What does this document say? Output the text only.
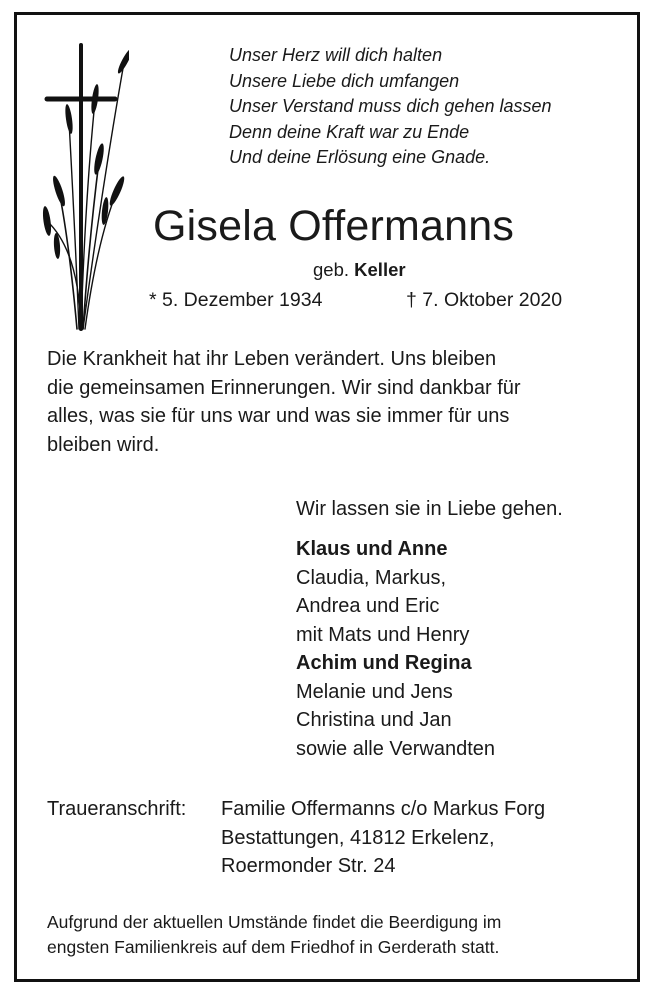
Unser Herz will dich halten
Unsere Liebe dich umfangen
Unser Verstand muss dich gehen lassen
Denn deine Kraft war zu Ende
Und deine Erlösung eine Gnade.
Gisela Offermanns
geb. Keller
* 5. Dezember 1934	† 7. Oktober 2020
Die Krankheit hat ihr Leben verändert. Uns bleiben
die gemeinsamen Erinnerungen. Wir sind dankbar für
alles, was sie für uns war und was sie immer für uns
bleiben wird.
Wir lassen sie in Liebe gehen.
Klaus und Anne
Claudia, Markus,
Andrea und Eric
mit Mats und Henry
Achim und Regina
Melanie und Jens
Christina und Jan
sowie alle Verwandten
Traueranschrift: Familie Offermanns c/o Markus Forg
Bestattungen, 41812 Erkelenz,
Roermonder Str. 24
Aufgrund der aktuellen Umstände findet die Beerdigung im
engsten Familienkreis auf dem Friedhof in Gerderath statt.
